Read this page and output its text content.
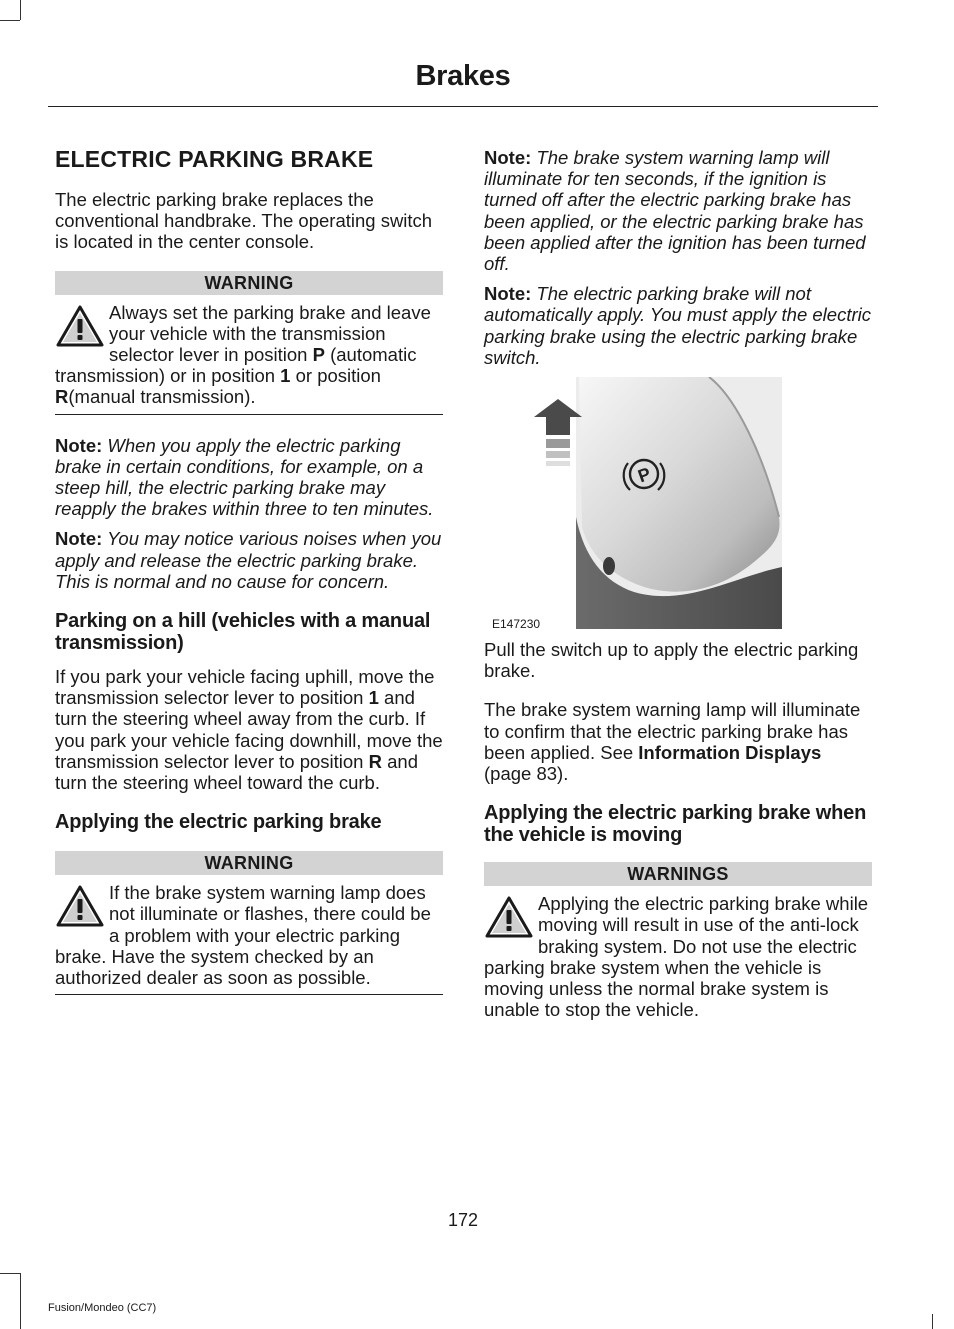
Brakes
ELECTRIC PARKING BRAKE
The electric parking brake replaces the conventional handbrake. The operating switch is located in the center console.
WARNING
Always set the parking brake and leave your vehicle with the transmission selector lever in position P (automatic transmission) or in position 1 or position R(manual transmission).
Note: When you apply the electric parking brake in certain conditions, for example, on a steep hill, the electric parking brake may reapply the brakes within three to ten minutes.
Note: You may notice various noises when you apply and release the electric parking brake. This is normal and no cause for concern.
Parking on a hill (vehicles with a manual transmission)
If you park your vehicle facing uphill, move the transmission selector lever to position 1 and turn the steering wheel away from the curb. If you park your vehicle facing downhill, move the transmission selector lever to position R and turn the steering wheel toward the curb.
Applying the electric parking brake
WARNING
If the brake system warning lamp does not illuminate or flashes, there could be a problem with your electric parking brake. Have the system checked by an authorized dealer as soon as possible.
Note: The brake system warning lamp will illuminate for ten seconds, if the ignition is turned off after the electric parking brake has been applied, or the electric parking brake has been applied after the ignition has been turned off.
Note: The electric parking brake will not automatically apply. You must apply the electric parking brake using the electric parking brake switch.
P
E147230
Pull the switch up to apply the electric parking brake.
The brake system warning lamp will illuminate to confirm that the electric parking brake has been applied. See Information Displays (page 83).
Applying the electric parking brake when the vehicle is moving
WARNINGS
Applying the electric parking brake while moving will result in use of the anti-lock braking system. Do not use the electric parking brake system when the vehicle is moving unless the normal brake system is unable to stop the vehicle.
172
Fusion/Mondeo (CC7)
